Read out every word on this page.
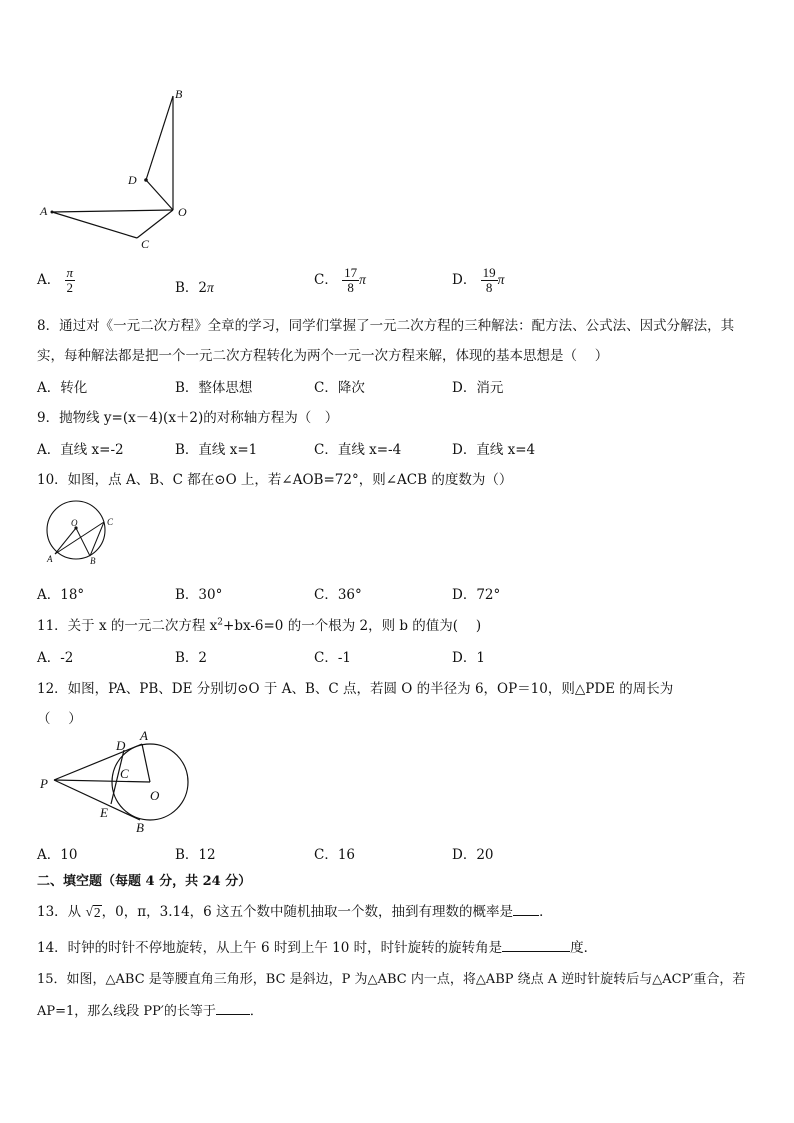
B
D
A	O
C
A． $\frac{\pi}{2}$	B．2π	C． $\frac{17}{8}$ π	D． $\frac{19}{8}$ π
8．通过对《一元二次方程》全章的学习，同学们掌握了一元二次方程的三种解法：配方法、公式法、因式分解法，其
实，每种解法都是把一个一元二次方程转化为两个一元一次方程来解，体现的基本思想是（　 ）
A．转化	B．整体思想	C．降次	D．消元
9．抛物线 y=(x－4)(x＋2)的对称轴方程为（　）
A．直线 x=-2	B．直线 x=1	C．直线 x=-4	D．直线 x=4
10．如图，点 A、B、C 都在⊙O 上，若∠AOB=72°，则∠ACB 的度数为（）
O	C
A	B
A．18°	B．30°	C．36°	D．72°
11．关于 x 的一元二次方程 $x^2+bx-6=0$ 的一个根为 2，则 b 的值为(　 )
A．-2	B．2	C．-1	D．1
12．如图，PA、PB、DE 分别切⊙O 于 A、B、C 点，若圆 O 的半径为 6，OP＝10，则△PDE 的周长为
（　 ）
P
D
A
C
O
E
B
A．10	B．12	C．16	D．20
二、填空题（每题 4 分，共 24 分）
13．从 √ 2 ，0，π，3.14，6 这五个数中随机抽取一个数，抽到有理数的概率是 ．
14．时钟的时针不停地旋转，从上午 6 时到上午 10 时，时针旋转的旋转角是	度．
15．如图，△ABC 是等腰直角三角形，BC 是斜边，P 为△ABC 内一点，将△ABP 绕点 A 逆时针旋转后与△ACP′重合，若
AP=1，那么线段 PP′的长等于	．
